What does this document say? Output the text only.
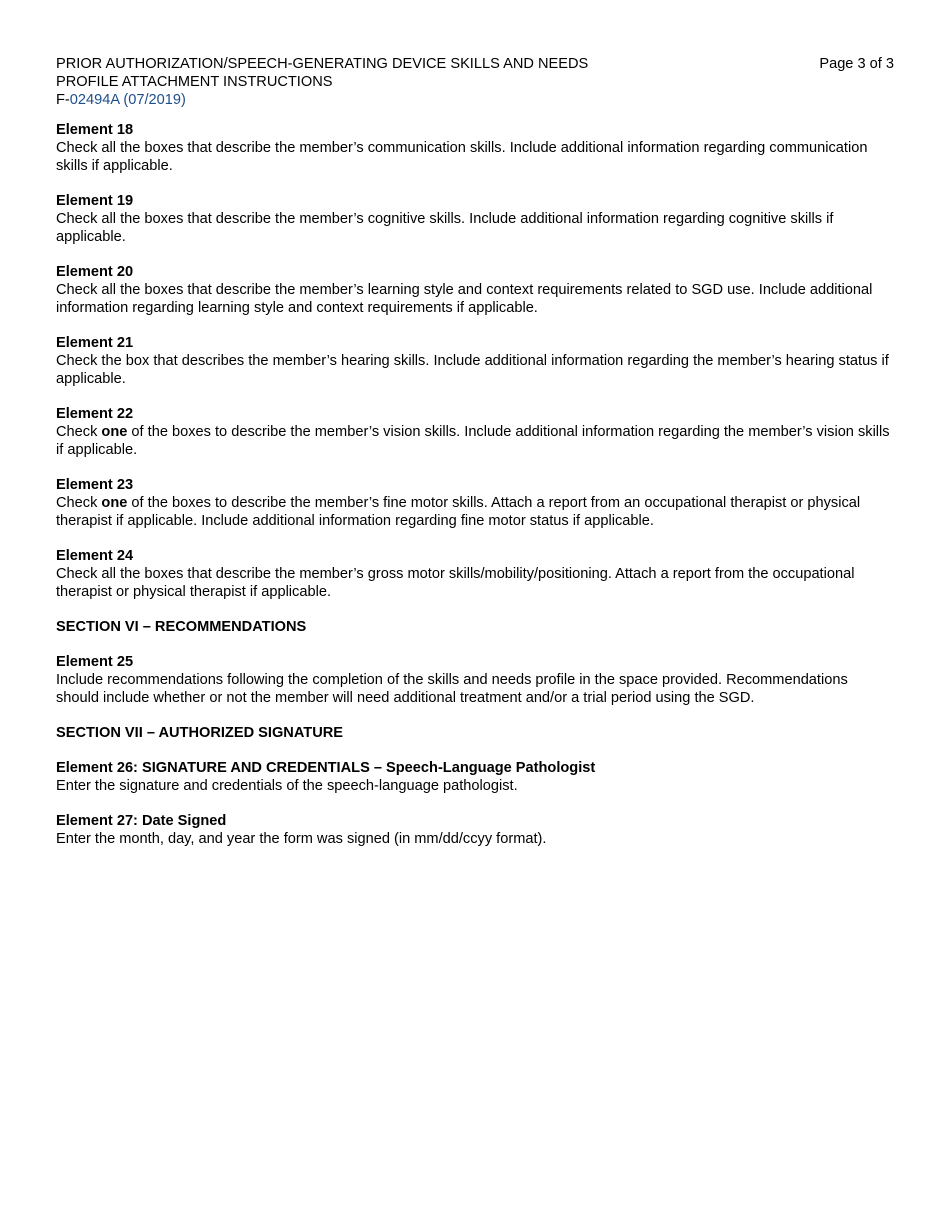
PRIOR AUTHORIZATION/SPEECH-GENERATING DEVICE SKILLS AND NEEDS
PROFILE ATTACHMENT INSTRUCTIONS
F-02494A (07/2019)
Page 3 of 3
Element 18
Check all the boxes that describe the member’s communication skills. Include additional information regarding communication skills if applicable.
Element 19
Check all the boxes that describe the member’s cognitive skills. Include additional information regarding cognitive skills if applicable.
Element 20
Check all the boxes that describe the member’s learning style and context requirements related to SGD use. Include additional information regarding learning style and context requirements if applicable.
Element 21
Check the box that describes the member’s hearing skills. Include additional information regarding the member’s hearing status if applicable.
Element 22
Check one of the boxes to describe the member’s vision skills. Include additional information regarding the member’s vision skills if applicable.
Element 23
Check one of the boxes to describe the member’s fine motor skills. Attach a report from an occupational therapist or physical therapist if applicable. Include additional information regarding fine motor status if applicable.
Element 24
Check all the boxes that describe the member’s gross motor skills/mobility/positioning. Attach a report from the occupational therapist or physical therapist if applicable.
SECTION VI – RECOMMENDATIONS
Element 25
Include recommendations following the completion of the skills and needs profile in the space provided. Recommendations should include whether or not the member will need additional treatment and/or a trial period using the SGD.
SECTION VII – AUTHORIZED SIGNATURE
Element 26: SIGNATURE AND CREDENTIALS – Speech-Language Pathologist
Enter the signature and credentials of the speech-language pathologist.
Element 27: Date Signed
Enter the month, day, and year the form was signed (in mm/dd/ccyy format).
